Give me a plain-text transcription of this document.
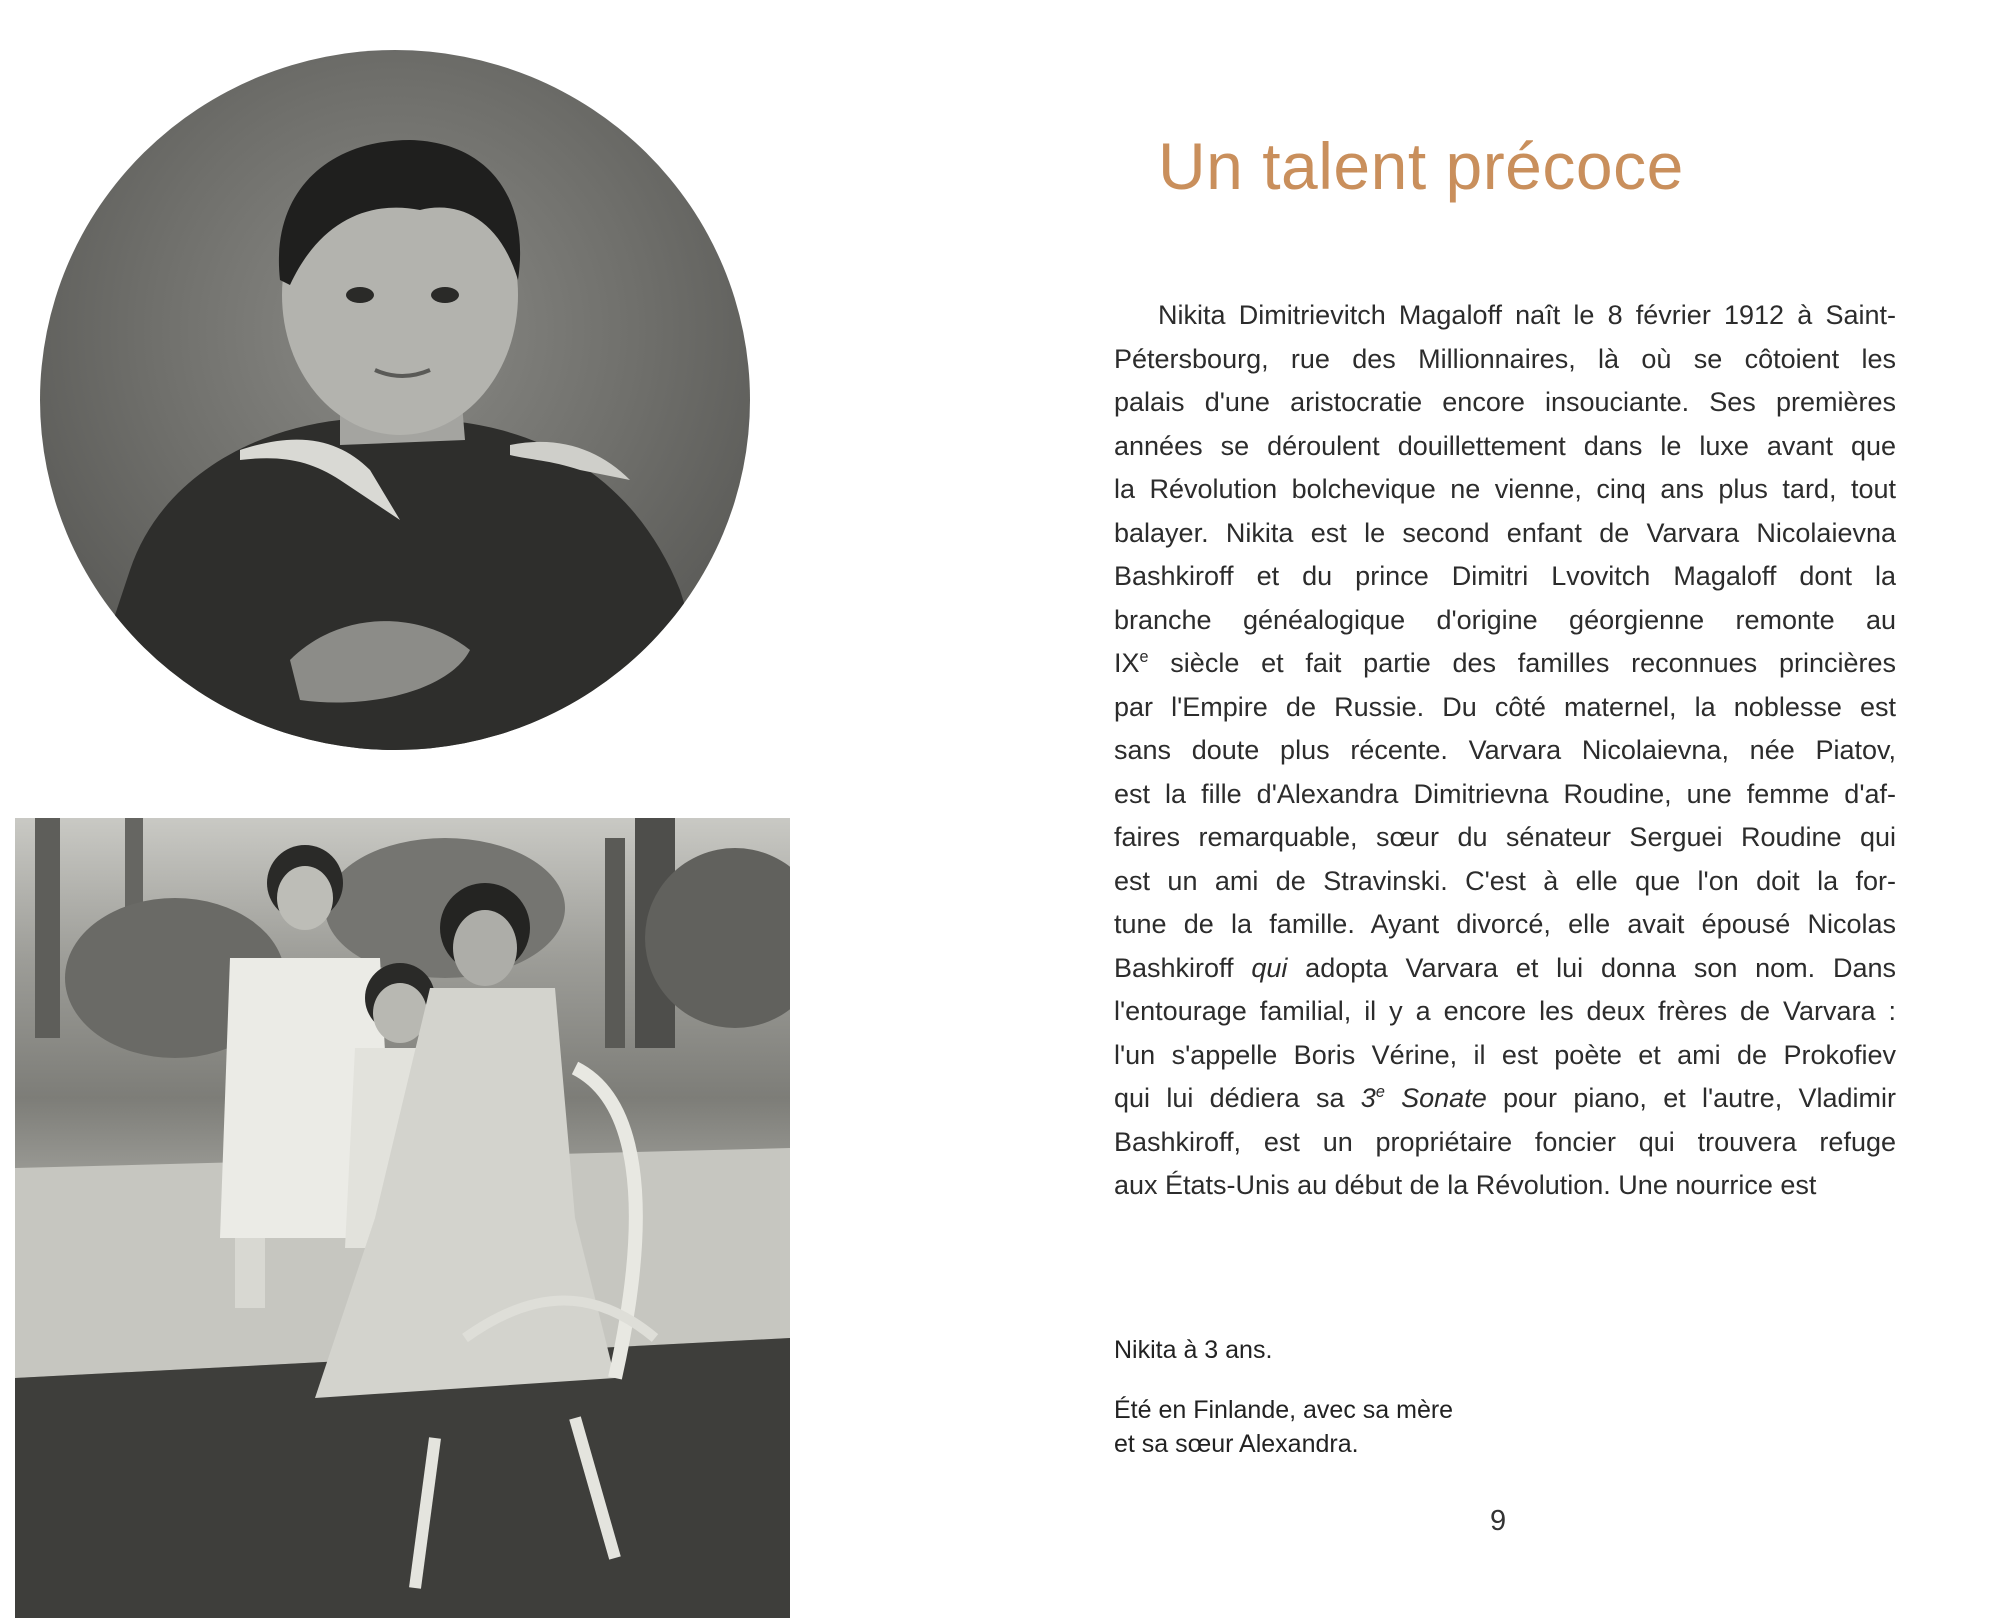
Un talent précoce
Nikita Dimitrievitch Magaloff naît le 8 février 1912 à Saint-
Pétersbourg, rue des Millionnaires, là où se côtoient les
palais d'une aristocratie encore insouciante. Ses premières
années se déroulent douillettement dans le luxe avant que
la Révolution bolchevique ne vienne, cinq ans plus tard, tout
balayer. Nikita est le second enfant de Varvara Nicolaievna
Bashkiroff et du prince Dimitri Lvovitch Magaloff dont la
branche généalogique d'origine géorgienne remonte au
IXe siècle et fait partie des familles reconnues princières
par l'Empire de Russie. Du côté maternel, la noblesse est
sans doute plus récente. Varvara Nicolaievna, née Piatov,
est la fille d'Alexandra Dimitrievna Roudine, une femme d'af-
faires remarquable, sœur du sénateur Serguei Roudine qui
est un ami de Stravinski. C'est à elle que l'on doit la for-
tune de la famille. Ayant divorcé, elle avait épousé Nicolas
Bashkiroff qui adopta Varvara et lui donna son nom. Dans
l'entourage familial, il y a encore les deux frères de Varvara :
l'un s'appelle Boris Vérine, il est poète et ami de Prokofiev
qui lui dédiera sa 3e Sonate pour piano, et l'autre, Vladimir
Bashkiroff, est un propriétaire foncier qui trouvera refuge
aux États-Unis au début de la Révolution. Une nourrice est

Nikita à 3 ans.

Été en Finlande, avec sa mère
et sa sœur Alexandra.

9
